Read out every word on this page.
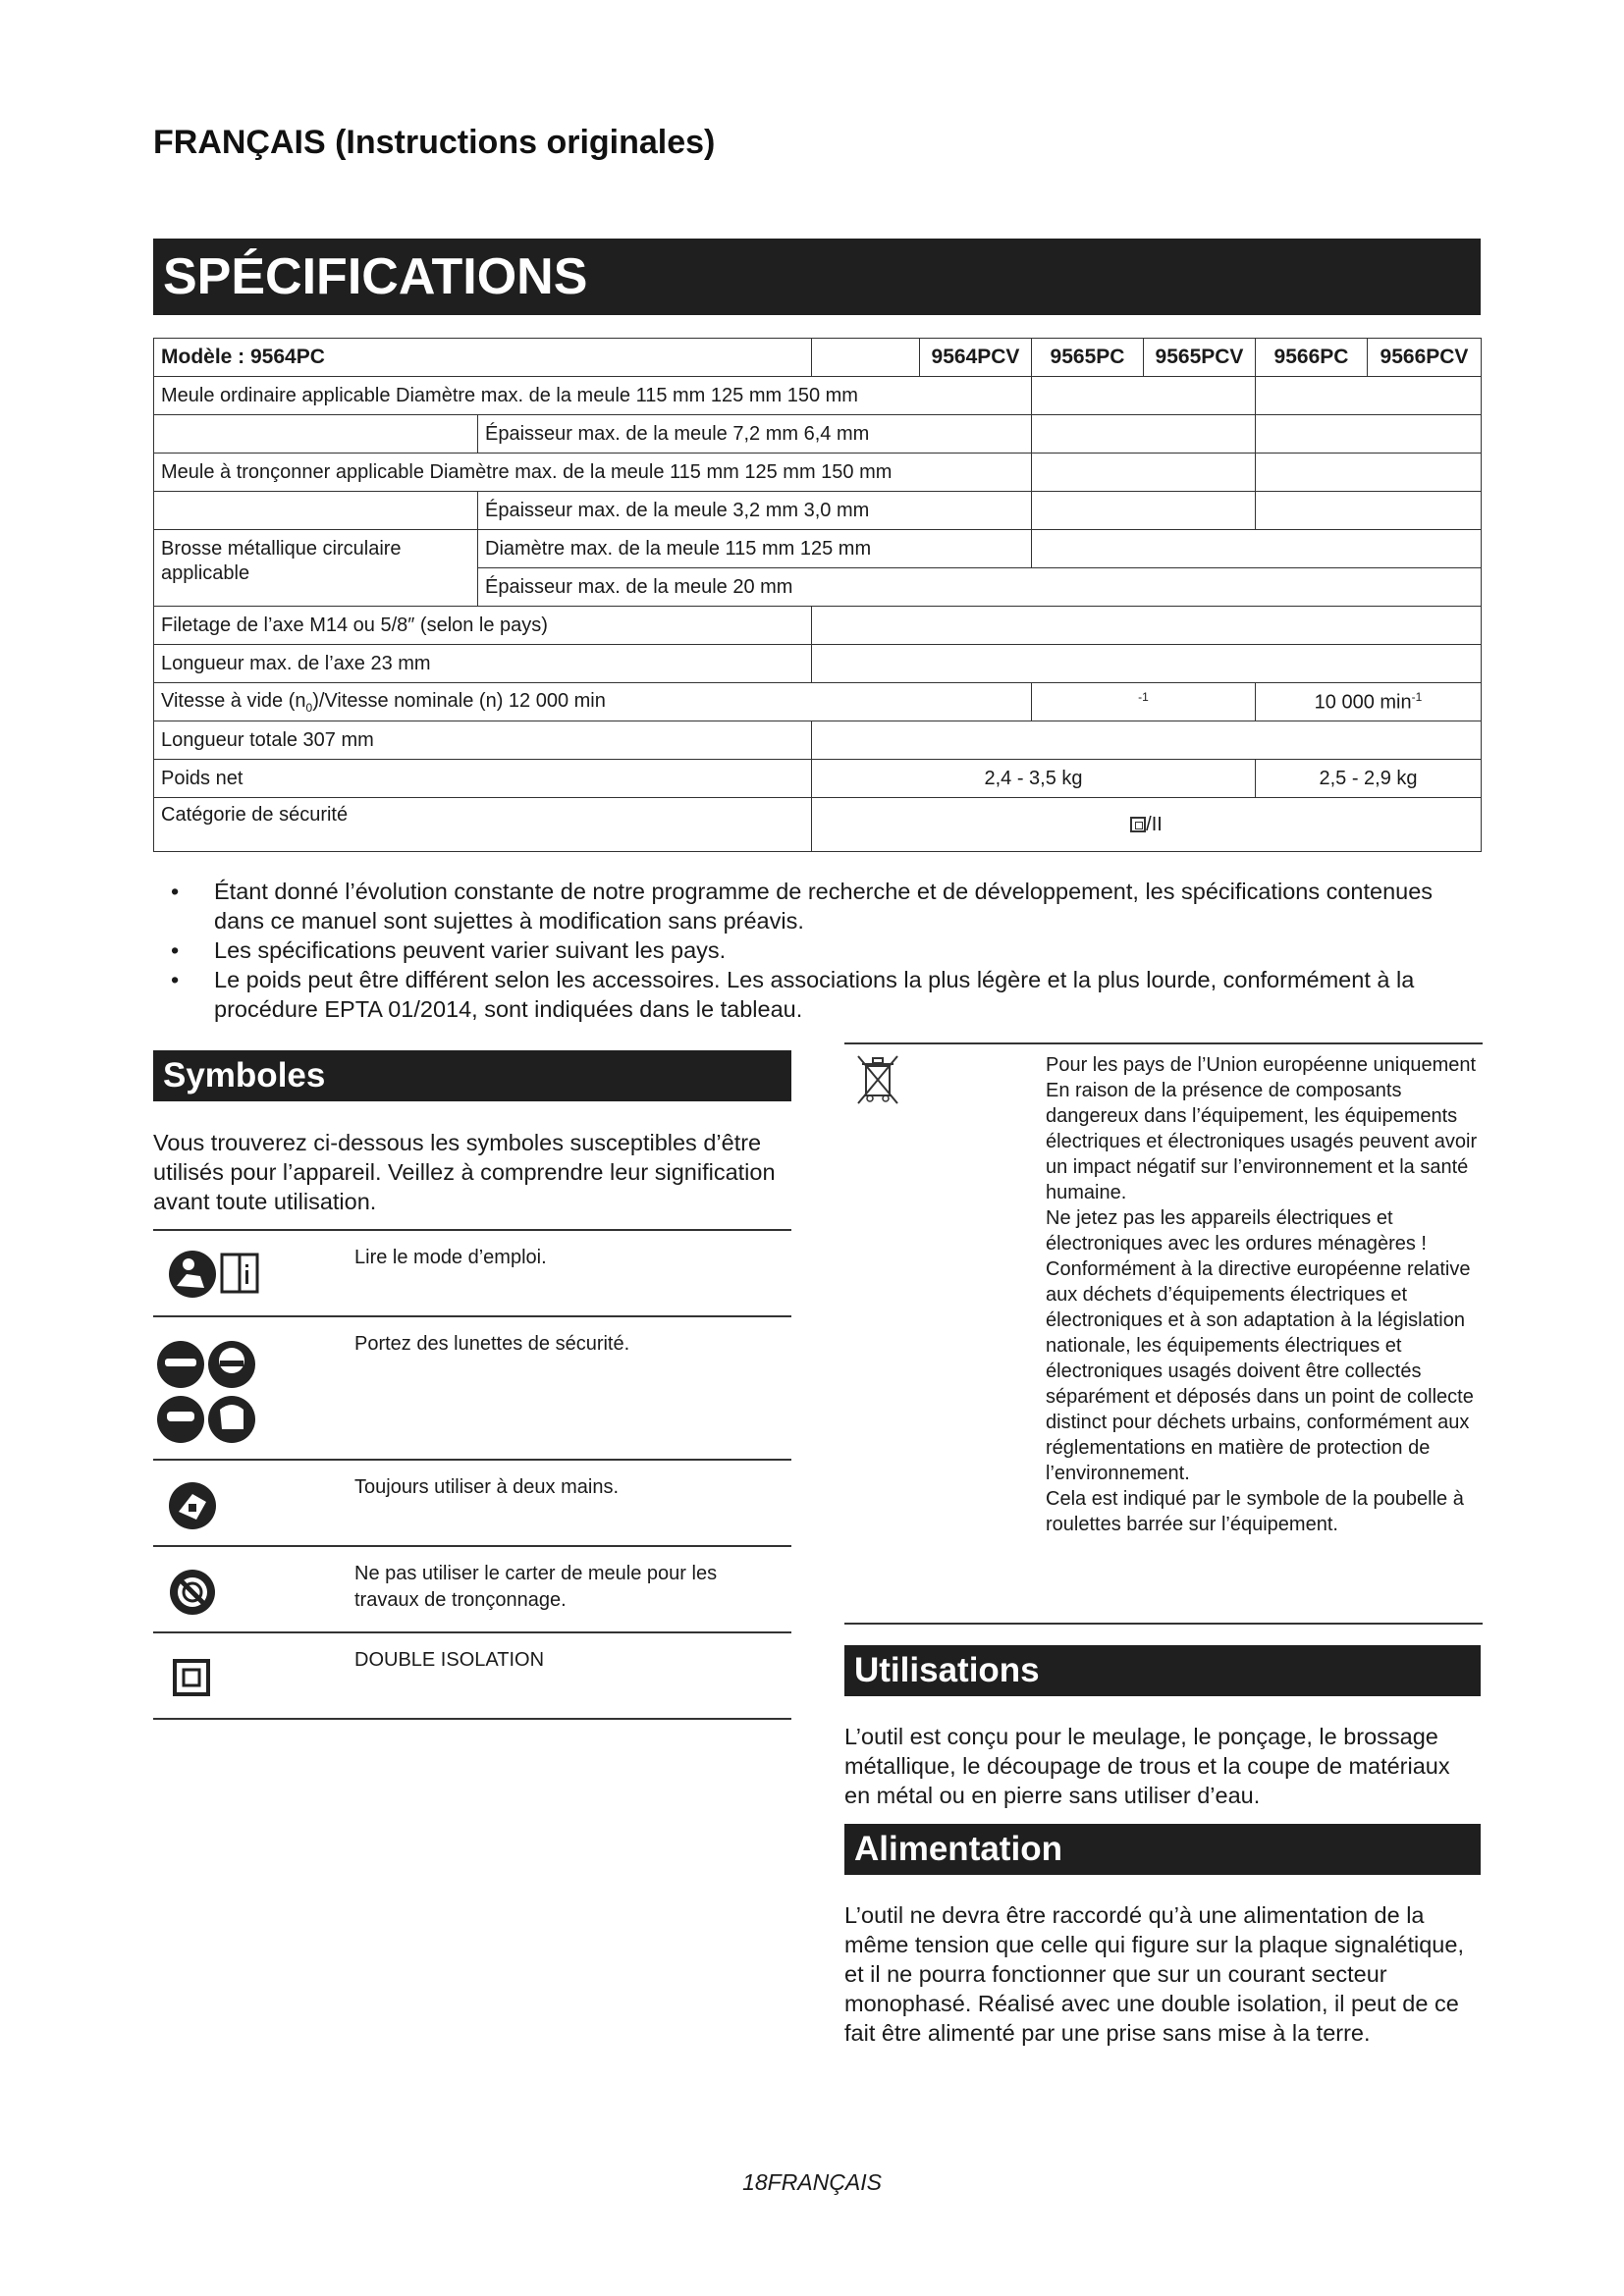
FRANÇAIS (Instructions originales)
SPÉCIFICATIONS
Modèle : 9564PC			9564PCV	9565PC	9565PCV	9566PC	9566PCV
Meule ordinaire applicable Diamètre max. de la meule 115 mm 125 mm 150 mm							
	Épaisseur max. de la meule 7,2 mm 6,4 mm						
Meule à tronçonner applicable Diamètre max. de la meule 115 mm 125 mm 150 mm							
	Épaisseur max. de la meule 3,2 mm 3,0 mm						
Brosse métallique circulaire applicable	Diamètre max. de la meule 115 mm 125 mm						
	Épaisseur max. de la meule 20 mm						
Filetage de l’axe M14 ou 5/8″ (selon le pays)							
Longueur max. de l’axe 23 mm							
Vitesse à vide $(n_0)$/Vitesse nominale (n) 12 000 min				$^{-1}$		10 000 $\min^{-1}$
Longueur totale 307 mm							
Poids net		2,4 - 3,5 kg				2,5 - 2,9 kg	
Catégorie de sécurité		/II					
•	Étant donné l’évolution constante de notre programme de recherche et de développement, les spécifications contenues dans ce manuel sont sujettes à modification sans préavis.
•	Les spécifications peuvent varier suivant les pays.
•	Le poids peut être différent selon les accessoires. Les associations la plus légère et la plus lourde, conformément à la procédure EPTA 01/2014, sont indiquées dans le tableau.
Symboles
Vous trouverez ci-dessous les symboles susceptibles d’être utilisés pour l’appareil. Veillez à comprendre leur signification avant toute utilisation.
Lire le mode d’emploi.
Portez des lunettes de sécurité.
Toujours utiliser à deux mains.
Ne pas utiliser le carter de meule pour les travaux de tronçonnage.
DOUBLE ISOLATION
Pour les pays de l’Union européenne uniquement
En raison de la présence de composants dangereux dans l’équipement, les équipements électriques et électroniques usagés peuvent avoir un impact négatif sur l’environnement et la santé humaine.
Ne jetez pas les appareils électriques et électroniques avec les ordures ménagères !
Conformément à la directive européenne relative aux déchets d’équipements électriques et électroniques et à son adaptation à la législation nationale, les équipements électriques et électroniques usagés doivent être collectés séparément et déposés dans un point de collecte distinct pour déchets urbains, conformément aux réglementations en matière de protection de l’environnement.
Cela est indiqué par le symbole de la poubelle à roulettes barrée sur l’équipement.
Utilisations
L’outil est conçu pour le meulage, le ponçage, le brossage métallique, le découpage de trous et la coupe de matériaux en métal ou en pierre sans utiliser d’eau.
Alimentation
L’outil ne devra être raccordé qu’à une alimentation de la même tension que celle qui figure sur la plaque signalétique, et il ne pourra fonctionner que sur un courant secteur monophasé. Réalisé avec une double isolation, il peut de ce fait être alimenté par une prise sans mise à la terre.
18FRANÇAIS
